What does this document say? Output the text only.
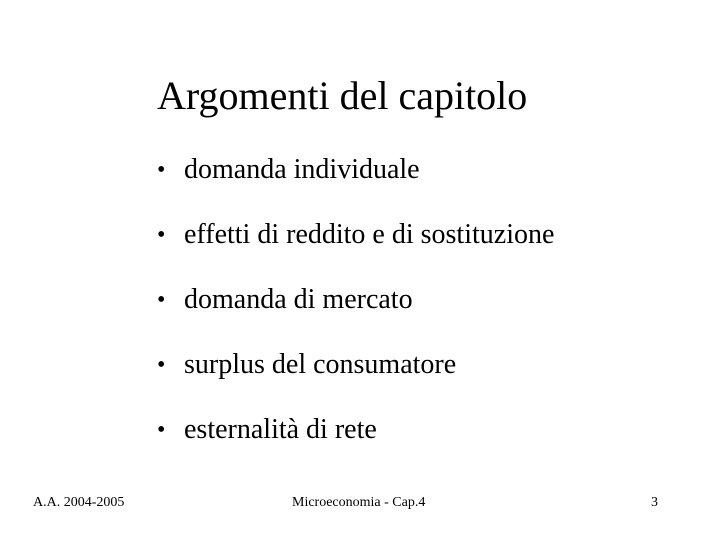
Argomenti del capitolo
• domanda individuale
• effetti di reddito e di sostituzione
• domanda di mercato
• surplus del consumatore
• esternalità di rete
A.A. 2004-2005	Microeconomia - Cap.4	3
